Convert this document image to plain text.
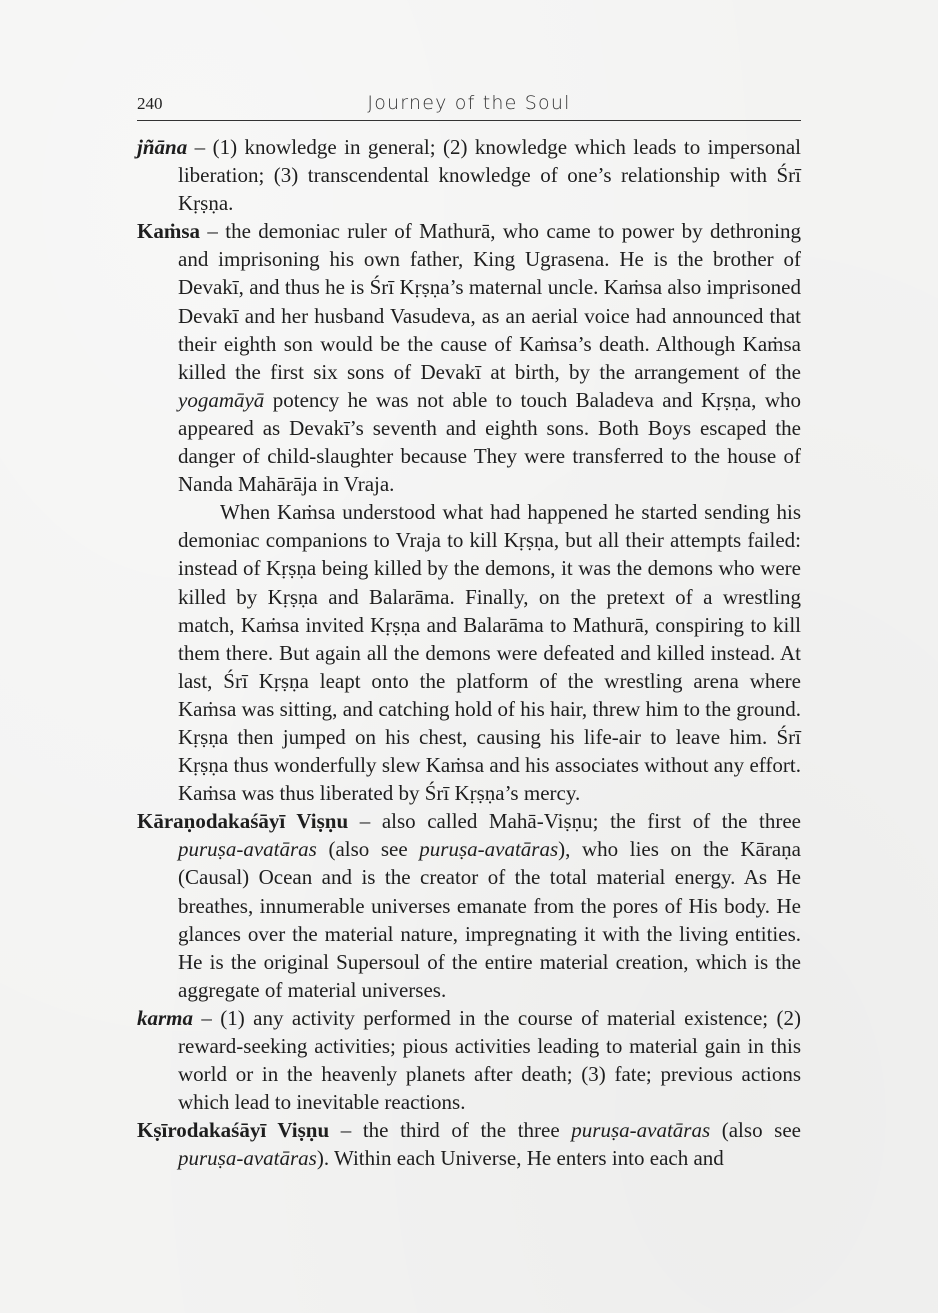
240	Journey of the Soul

jñāna – (1) knowledge in general; (2) knowledge which leads to impersonal liberation; (3) transcendental knowledge of one’s relationship with Śrī Kṛṣṇa.

Kaṁsa – the demoniac ruler of Mathurā, who came to power by dethroning and imprisoning his own father, King Ugrasena. He is the brother of Devakī, and thus he is Śrī Kṛṣṇa’s maternal uncle. Kaṁsa also imprisoned Devakī and her husband Vasudeva, as an aerial voice had announced that their eighth son would be the cause of Kaṁsa’s death. Although Kaṁsa killed the first six sons of Devakī at birth, by the arrangement of the yogamāyā potency he was not able to touch Baladeva and Kṛṣṇa, who appeared as Devakī’s seventh and eighth sons. Both Boys escaped the danger of child-slaughter because They were transferred to the house of Nanda Mahārāja in Vraja.

When Kaṁsa understood what had happened he started sending his demoniac companions to Vraja to kill Kṛṣṇa, but all their attempts failed: instead of Kṛṣṇa being killed by the demons, it was the demons who were killed by Kṛṣṇa and Balarāma. Finally, on the pretext of a wrestling match, Kaṁsa invited Kṛṣṇa and Balarāma to Mathurā, conspiring to kill them there. But again all the demons were defeated and killed instead. At last, Śrī Kṛṣṇa leapt onto the platform of the wrestling arena where Kaṁsa was sitting, and catching hold of his hair, threw him to the ground. Kṛṣṇa then jumped on his chest, causing his life-air to leave him. Śrī Kṛṣṇa thus wonderfully slew Kaṁsa and his associates without any effort. Kaṁsa was thus liberated by Śrī Kṛṣṇa’s mercy.

Kāraṇodakaśāyī Viṣṇu – also called Mahā-Viṣṇu; the first of the three puruṣa-avatāras (also see puruṣa-avatāras), who lies on the Kāraṇa (Causal) Ocean and is the creator of the total material energy. As He breathes, innumerable universes emanate from the pores of His body. He glances over the material nature, impregnating it with the living entities. He is the original Supersoul of the entire material creation, which is the aggregate of material universes.

karma – (1) any activity performed in the course of material existence; (2) reward-seeking activities; pious activities leading to material gain in this world or in the heavenly planets after death; (3) fate; previous actions which lead to inevitable reactions.

Kṣīrodakaśāyī Viṣṇu – the third of the three puruṣa-avatāras (also see puruṣa-avatāras). Within each Universe, He enters into each and
